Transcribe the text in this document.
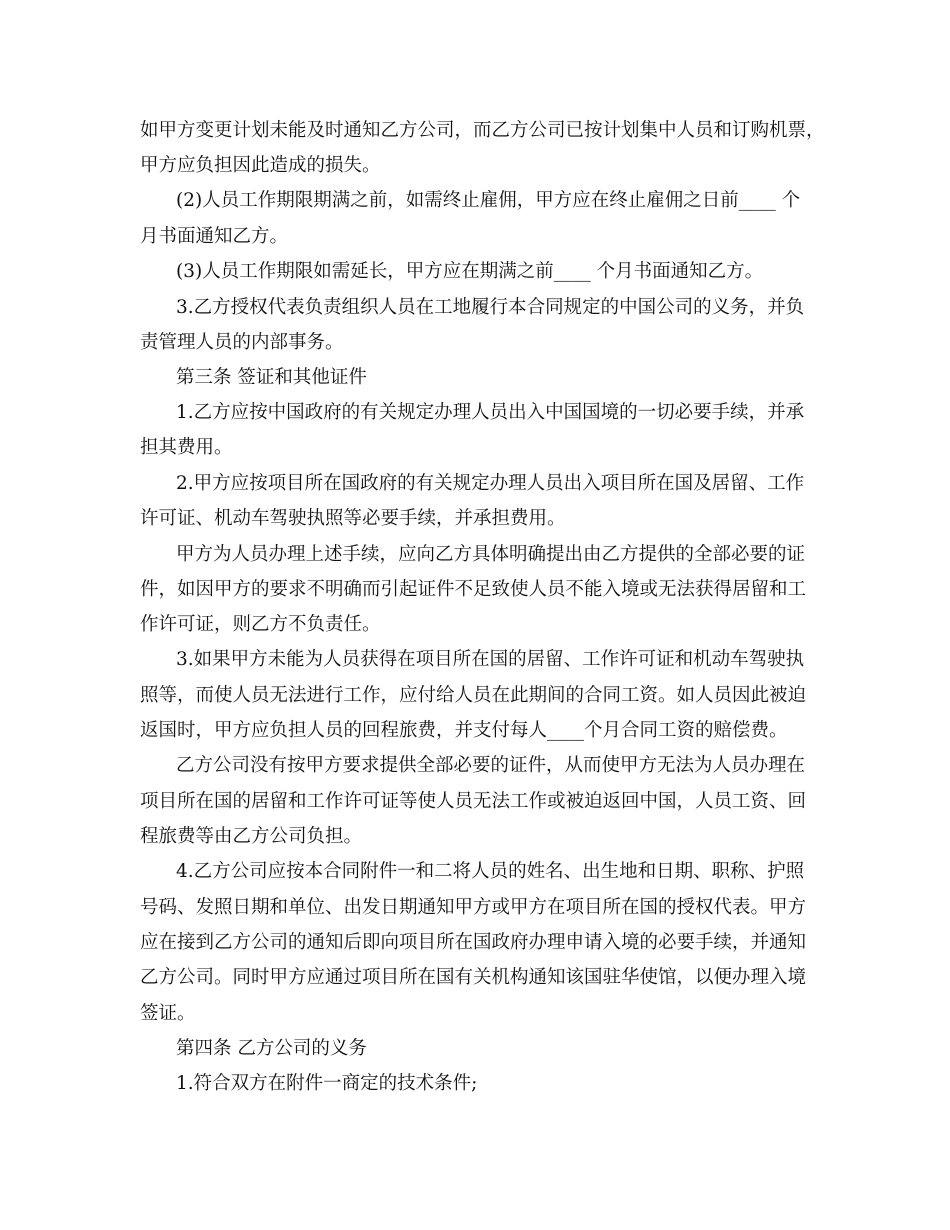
如甲方变更计划未能及时通知乙方公司，而乙方公司已按计划集中人员和订购机票，
甲方应负担因此造成的损失。
(2)人员工作期限期满之前，如需终止雇佣，甲方应在终止雇佣之日前____ 个
月书面通知乙方。
(3)人员工作期限如需延长，甲方应在期满之前____ 个月书面通知乙方。
3.乙方授权代表负责组织人员在工地履行本合同规定的中国公司的义务，并负
责管理人员的内部事务。
第三条 签证和其他证件
1.乙方应按中国政府的有关规定办理人员出入中国国境的一切必要手续，并承
担其费用。
2.甲方应按项目所在国政府的有关规定办理人员出入项目所在国及居留、工作
许可证、机动车驾驶执照等必要手续，并承担费用。
甲方为人员办理上述手续，应向乙方具体明确提出由乙方提供的全部必要的证
件，如因甲方的要求不明确而引起证件不足致使人员不能入境或无法获得居留和工
作许可证，则乙方不负责任。
3.如果甲方未能为人员获得在项目所在国的居留、工作许可证和机动车驾驶执
照等，而使人员无法进行工作，应付给人员在此期间的合同工资。如人员因此被迫
返国时，甲方应负担人员的回程旅费，并支付每人____个月合同工资的赔偿费。
乙方公司没有按甲方要求提供全部必要的证件，从而使甲方无法为人员办理在
项目所在国的居留和工作许可证等使人员无法工作或被迫返回中国，人员工资、回
程旅费等由乙方公司负担。
4.乙方公司应按本合同附件一和二将人员的姓名、出生地和日期、职称、护照
号码、发照日期和单位、出发日期通知甲方或甲方在项目所在国的授权代表。甲方
应在接到乙方公司的通知后即向项目所在国政府办理申请入境的必要手续，并通知
乙方公司。同时甲方应通过项目所在国有关机构通知该国驻华使馆，以便办理入境
签证。
第四条 乙方公司的义务
1.符合双方在附件一商定的技术条件;
